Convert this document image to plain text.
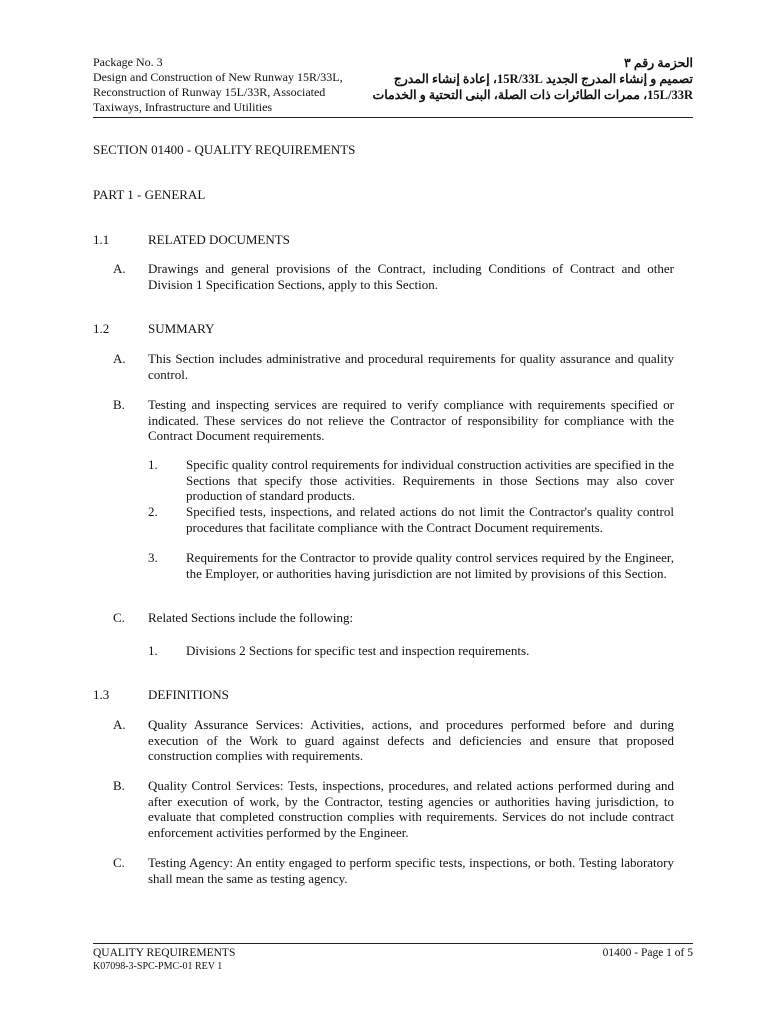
Package No. 3
Design and Construction of New Runway 15R/33L,
Reconstruction of Runway 15L/33R, Associated
Taxiways, Infrastructure and Utilities
الحزمة رقم ٣
تصميم و إنشاء المدرج الجديد 15R/33L، إعادة إنشاء المدرج
15L/33R، ممرات الطائرات ذات الصلة، البنى التحتية و الخدمات
SECTION 01400 - QUALITY REQUIREMENTS
PART 1 - GENERAL
1.1	RELATED DOCUMENTS
A. Drawings and general provisions of the Contract, including Conditions of Contract and other Division 1 Specification Sections, apply to this Section.
1.2	SUMMARY
A. This Section includes administrative and procedural requirements for quality assurance and quality control.
B. Testing and inspecting services are required to verify compliance with requirements specified or indicated. These services do not relieve the Contractor of responsibility for compliance with the Contract Document requirements.
1. Specific quality control requirements for individual construction activities are specified in the Sections that specify those activities. Requirements in those Sections may also cover production of standard products.
2. Specified tests, inspections, and related actions do not limit the Contractor's quality control procedures that facilitate compliance with the Contract Document requirements.
3. Requirements for the Contractor to provide quality control services required by the Engineer, the Employer, or authorities having jurisdiction are not limited by provisions of this Section.
C. Related Sections include the following:
1. Divisions 2 Sections for specific test and inspection requirements.
1.3	DEFINITIONS
A. Quality Assurance Services: Activities, actions, and procedures performed before and during execution of the Work to guard against defects and deficiencies and ensure that proposed construction complies with requirements.
B. Quality Control Services: Tests, inspections, procedures, and related actions performed during and after execution of work, by the Contractor, testing agencies or authorities having jurisdiction, to evaluate that completed construction complies with requirements. Services do not include contract enforcement activities performed by the Engineer.
C. Testing Agency: An entity engaged to perform specific tests, inspections, or both. Testing laboratory shall mean the same as testing agency.
QUALITY REQUIREMENTS
K07098-3-SPC-PMC-01 REV 1
01400 - Page 1 of 5
